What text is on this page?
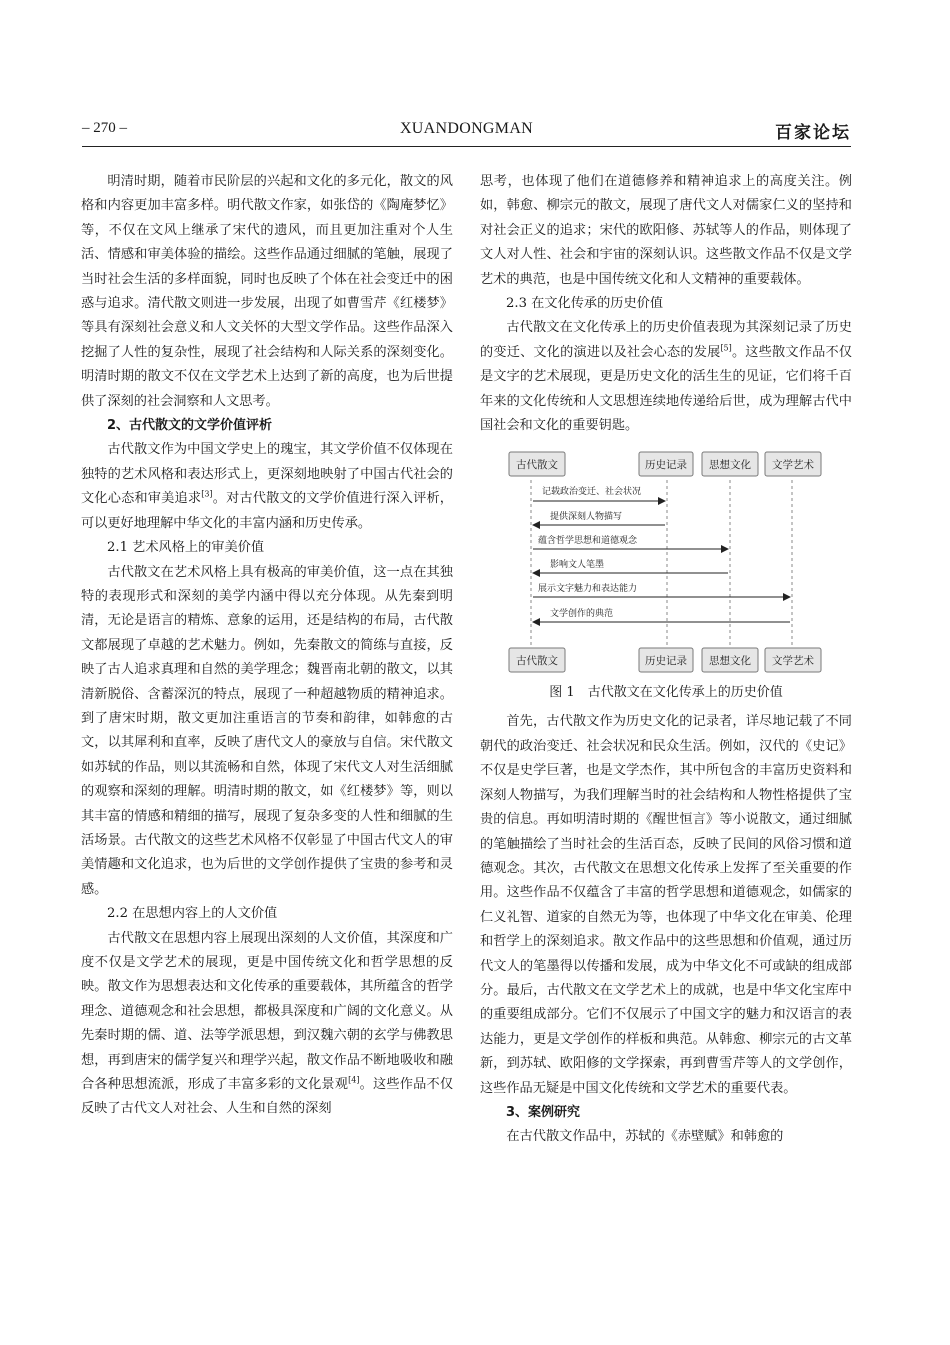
– 270 –	XUANDONGMAN	百家论坛

明清时期，随着市民阶层的兴起和文化的多元化，散文的风格和内容更加丰富多样。明代散文作家，如张岱的《陶庵梦忆》等，不仅在文风上继承了宋代的遗风，而且更加注重对个人生活、情感和审美体验的描绘。这些作品通过细腻的笔触，展现了当时社会生活的多样面貌，同时也反映了个体在社会变迁中的困惑与追求。清代散文则进一步发展，出现了如曹雪芹《红楼梦》等具有深刻社会意义和人文关怀的大型文学作品。这些作品深入挖掘了人性的复杂性，展现了社会结构和人际关系的深刻变化。明清时期的散文不仅在文学艺术上达到了新的高度，也为后世提供了深刻的社会洞察和人文思考。

2、古代散文的文学价值评析

古代散文作为中国文学史上的瑰宝，其文学价值不仅体现在独特的艺术风格和表达形式上，更深刻地映射了中国古代社会的文化心态和审美追求[3]。对古代散文的文学价值进行深入评析，可以更好地理解中华文化的丰富内涵和历史传承。

2.1 艺术风格上的审美价值

古代散文在艺术风格上具有极高的审美价值，这一点在其独特的表现形式和深刻的美学内涵中得以充分体现。从先秦到明清，无论是语言的精炼、意象的运用，还是结构的布局，古代散文都展现了卓越的艺术魅力。例如，先秦散文的简练与直接，反映了古人追求真理和自然的美学理念；魏晋南北朝的散文，以其清新脱俗、含蓄深沉的特点，展现了一种超越物质的精神追求。到了唐宋时期，散文更加注重语言的节奏和韵律，如韩愈的古文，以其犀利和直率，反映了唐代文人的豪放与自信。宋代散文如苏轼的作品，则以其流畅和自然，体现了宋代文人对生活细腻的观察和深刻的理解。明清时期的散文，如《红楼梦》等，则以其丰富的情感和精细的描写，展现了复杂多变的人性和细腻的生活场景。古代散文的这些艺术风格不仅彰显了中国古代文人的审美情趣和文化追求，也为后世的文学创作提供了宝贵的参考和灵感。

2.2 在思想内容上的人文价值

古代散文在思想内容上展现出深刻的人文价值，其深度和广度不仅是文学艺术的展现，更是中国传统文化和哲学思想的反映。散文作为思想表达和文化传承的重要载体，其所蕴含的哲学理念、道德观念和社会思想，都极具深度和广阔的文化意义。从先秦时期的儒、道、法等学派思想，到汉魏六朝的玄学与佛教思想，再到唐宋的儒学复兴和理学兴起，散文作品不断地吸收和融合各种思想流派，形成了丰富多彩的文化景观[4]。这些作品不仅反映了古代文人对社会、人生和自然的深刻

思考，也体现了他们在道德修养和精神追求上的高度关注。例如，韩愈、柳宗元的散文，展现了唐代文人对儒家仁义的坚持和对社会正义的追求；宋代的欧阳修、苏轼等人的作品，则体现了文人对人性、社会和宇宙的深刻认识。这些散文作品不仅是文学艺术的典范，也是中国传统文化和人文精神的重要载体。

2.3 在文化传承的历史价值

古代散文在文化传承上的历史价值表现为其深刻记录了历史的变迁、文化的演进以及社会心态的发展[5]。这些散文作品不仅是文字的艺术展现，更是历史文化的活生生的见证，它们将千百年来的文化传统和人文思想连续地传递给后世，成为理解古代中国社会和文化的重要钥匙。

古代散文	历史记录 思想文化 文学艺术
记载政治变迁、社会状况
提供深刻人物描写
蕴含哲学思想和道德观念
影响文人笔墨
展示文字魅力和表达能力
文学创作的典范
古代散文	历史记录 思想文化 文学艺术
图 1　古代散文在文化传承上的历史价值

首先，古代散文作为历史文化的记录者，详尽地记载了不同朝代的政治变迁、社会状况和民众生活。例如，汉代的《史记》不仅是史学巨著，也是文学杰作，其中所包含的丰富历史资料和深刻人物描写，为我们理解当时的社会结构和人物性格提供了宝贵的信息。再如明清时期的《醒世恒言》等小说散文，通过细腻的笔触描绘了当时社会的生活百态，反映了民间的风俗习惯和道德观念。其次，古代散文在思想文化传承上发挥了至关重要的作用。这些作品不仅蕴含了丰富的哲学思想和道德观念，如儒家的仁义礼智、道家的自然无为等，也体现了中华文化在审美、伦理和哲学上的深刻追求。散文作品中的这些思想和价值观，通过历代文人的笔墨得以传播和发展，成为中华文化不可或缺的组成部分。最后，古代散文在文学艺术上的成就，也是中华文化宝库中的重要组成部分。它们不仅展示了中国文字的魅力和汉语言的表达能力，更是文学创作的样板和典范。从韩愈、柳宗元的古文革新，到苏轼、欧阳修的文学探索，再到曹雪芹等人的文学创作，这些作品无疑是中国文化传统和文学艺术的重要代表。

3、案例研究

在古代散文作品中，苏轼的《赤壁赋》和韩愈的
